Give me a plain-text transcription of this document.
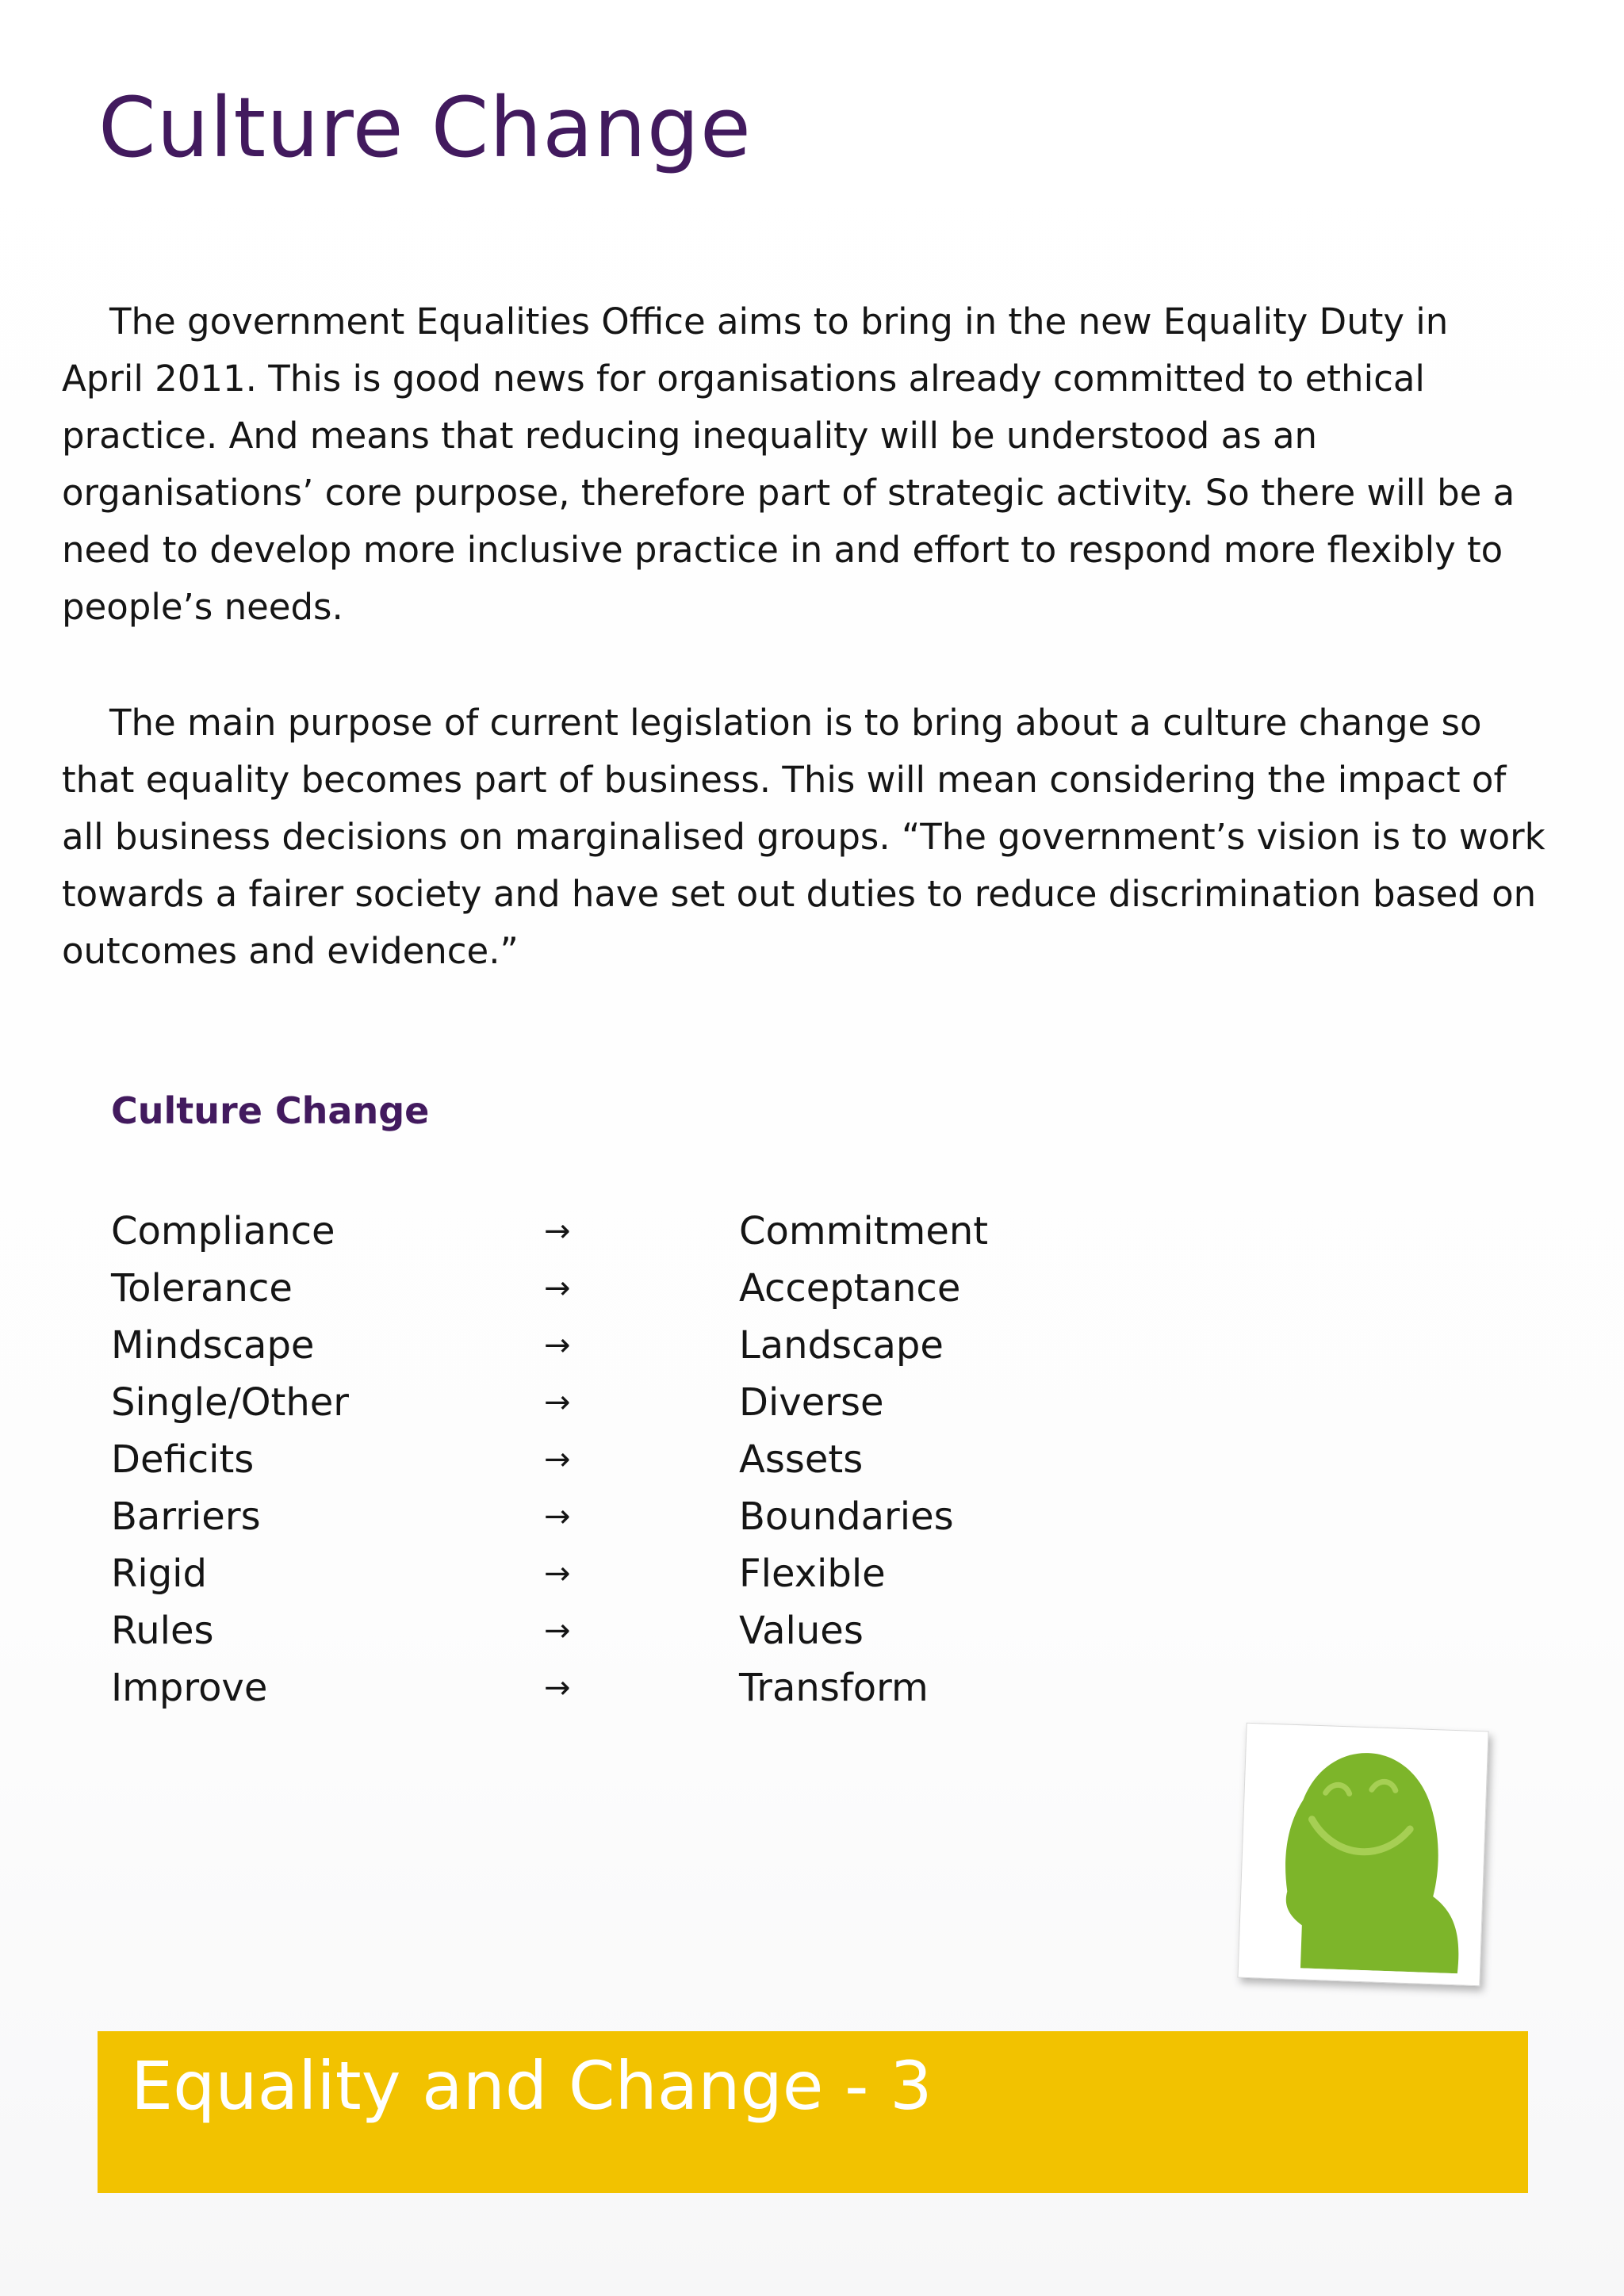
Culture Change

The government Equalities Office aims to bring in the new Equality Duty in
April 2011. This is good news for organisations already committed to ethical
practice. And means that reducing inequality will be understood as an
organisations’ core purpose, therefore part of strategic activity. So there will be a
need to develop more inclusive practice in and effort to respond more flexibly to
people’s needs.

The main purpose of current legislation is to bring about a culture change so
that equality becomes part of business. This will mean considering the impact of
all business decisions on marginalised groups. “The government’s vision is to work
towards a fairer society and have set out duties to reduce discrimination based on
outcomes and evidence.”

Culture Change
Compliance	→	Commitment
Tolerance	→	Acceptance
Mindscape	→	Landscape
Single/Other	→	Diverse
Deficits	→	Assets
Barriers	→	Boundaries
Rigid	→	Flexible
Rules	→	Values
Improve	→	Transform
Equality and Change - 3
